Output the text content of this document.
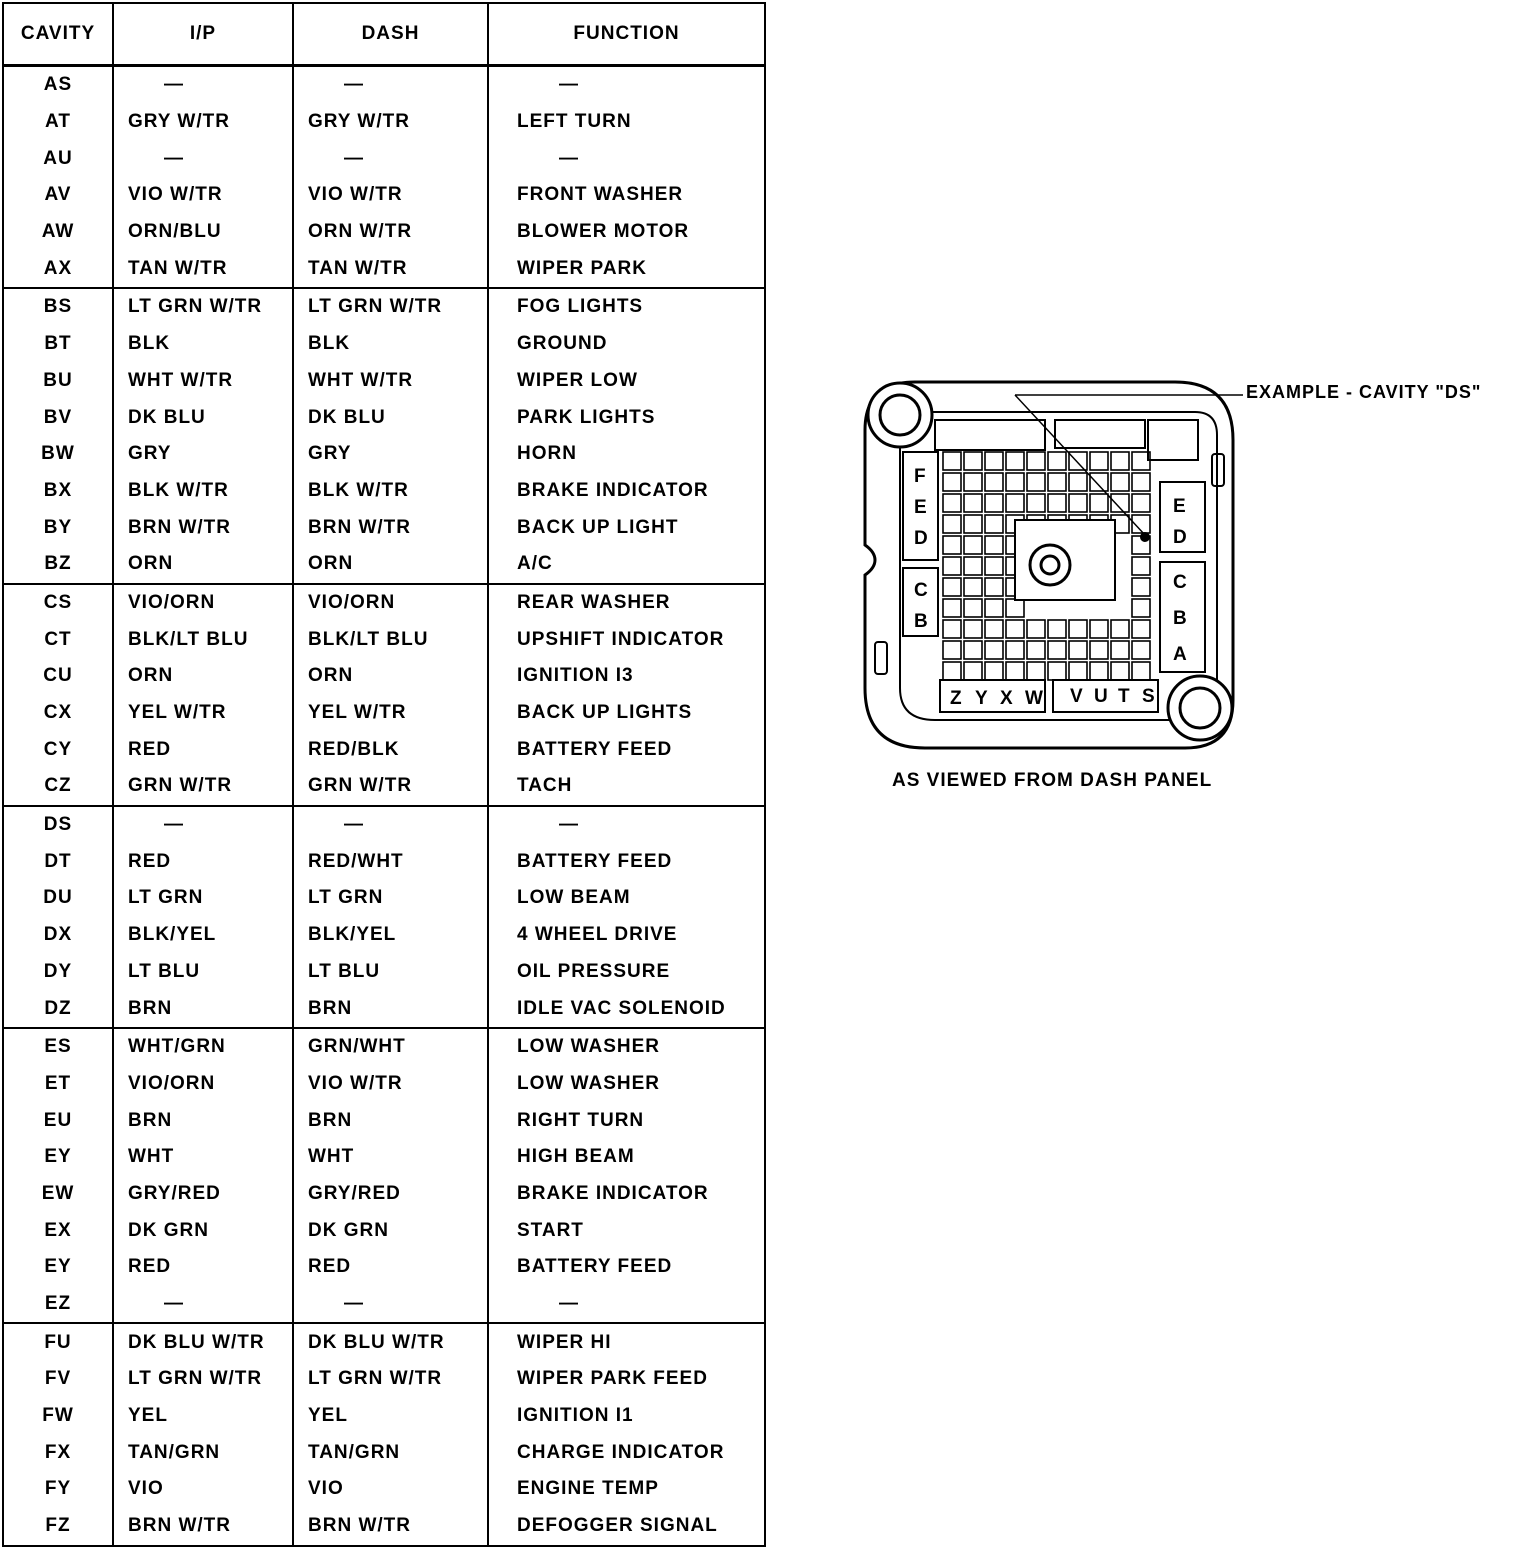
CAVITY	I/P	DASH	FUNCTION
AS	—	—	—
AT	GRY W/TR	GRY W/TR	LEFT TURN
AU	—	—	—
AV	VIO W/TR	VIO W/TR	FRONT WASHER
AW	ORN/BLU	ORN W/TR	BLOWER MOTOR
AX	TAN W/TR	TAN W/TR	WIPER PARK
BS	LT GRN W/TR	LT GRN W/TR	FOG LIGHTS
BT	BLK	BLK	GROUND
BU	WHT W/TR	WHT W/TR	WIPER LOW
BV	DK BLU	DK BLU	PARK LIGHTS
BW	GRY	GRY	HORN
BX	BLK W/TR	BLK W/TR	BRAKE INDICATOR
BY	BRN W/TR	BRN W/TR	BACK UP LIGHT
BZ	ORN	ORN	A/C
CS	VIO/ORN	VIO/ORN	REAR WASHER
CT	BLK/LT BLU	BLK/LT BLU	UPSHIFT INDICATOR
CU	ORN	ORN	IGNITION I3
CX	YEL W/TR	YEL W/TR	BACK UP LIGHTS
CY	RED	RED/BLK	BATTERY FEED
CZ	GRN W/TR	GRN W/TR	TACH
DS	—	—	—
DT	RED	RED/WHT	BATTERY FEED
DU	LT GRN	LT GRN	LOW BEAM
DX	BLK/YEL	BLK/YEL	4 WHEEL DRIVE
DY	LT BLU	LT BLU	OIL PRESSURE
DZ	BRN	BRN	IDLE VAC SOLENOID
ES	WHT/GRN	GRN/WHT	LOW WASHER
ET	VIO/ORN	VIO W/TR	LOW WASHER
EU	BRN	BRN	RIGHT TURN
EY	WHT	WHT	HIGH BEAM
EW	GRY/RED	GRY/RED	BRAKE INDICATOR
EX	DK GRN	DK GRN	START
EY	RED	RED	BATTERY FEED
EZ	—	—	—
FU	DK BLU W/TR	DK BLU W/TR	WIPER HI
FV	LT GRN W/TR	LT GRN W/TR	WIPER PARK FEED
FW	YEL	YEL	IGNITION I1
FX	TAN/GRN	TAN/GRN	CHARGE INDICATOR
FY	VIO	VIO	ENGINE TEMP
FZ	BRN W/TR	BRN W/TR	DEFOGGER SIGNAL
F
E
D
C
B
E
D
C
B
A
Z Y X W V U T S
EXAMPLE - CAVITY "DS"
AS VIEWED FROM DASH PANEL
